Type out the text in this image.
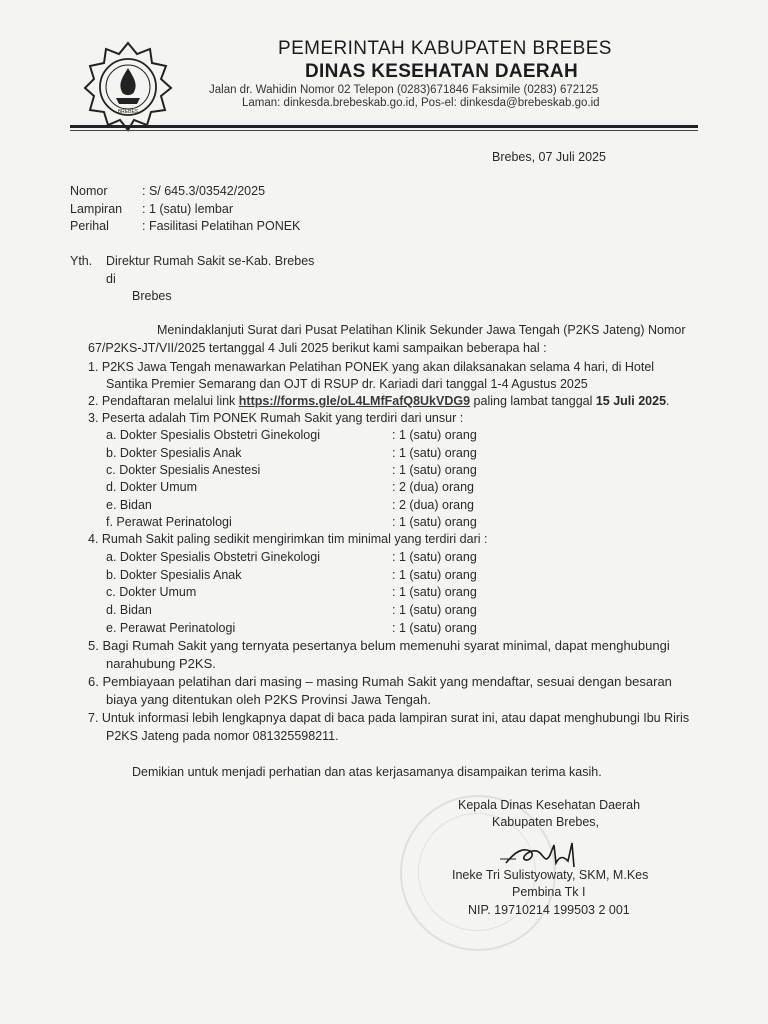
BREBES
PEMERINTAH KABUPATEN BREBES
DINAS KESEHATAN DAERAH
Jalan dr. Wahidin Nomor 02 Telepon (0283)671846 Faksimile (0283) 672125
Laman: dinkesda.brebeskab.go.id, Pos-el: dinkesda@brebeskab.go.id
Brebes, 07 Juli 2025
Nomor	: S/ 645.3/03542/2025
Lampiran : 1 (satu) lembar
Perihal	: Fasilitasi Pelatihan PONEK
Yth. Direktur Rumah Sakit se-Kab. Brebes
di
Brebes
Menindaklanjuti Surat dari Pusat Pelatihan Klinik Sekunder Jawa Tengah (P2KS Jateng) Nomor
67/P2KS-JT/VII/2025 tertanggal 4 Juli 2025 berikut kami sampaikan beberapa hal :
1. P2KS Jawa Tengah menawarkan Pelatihan PONEK yang akan dilaksanakan selama 4 hari, di Hotel
Santika Premier Semarang dan OJT di RSUP dr. Kariadi dari tanggal 1-4 Agustus 2025
2. Pendaftaran melalui link https://forms.gle/oL4LMfFafQ8UkVDG9 paling lambat tanggal 15 Juli 2025.
3. Peserta adalah Tim PONEK Rumah Sakit yang terdiri dari unsur :
a. Dokter Spesialis Obstetri Ginekologi	: 1 (satu) orang
b. Dokter Spesialis Anak	: 1 (satu) orang
c. Dokter Spesialis Anestesi	: 1 (satu) orang
d. Dokter Umum	: 2 (dua) orang
e. Bidan	: 2 (dua) orang
f. Perawat Perinatologi	: 1 (satu) orang
4. Rumah Sakit paling sedikit mengirimkan tim minimal yang terdiri dari :
a. Dokter Spesialis Obstetri Ginekologi	: 1 (satu) orang
b. Dokter Spesialis Anak	: 1 (satu) orang
c. Dokter Umum	: 1 (satu) orang
d. Bidan	: 1 (satu) orang
e. Perawat Perinatologi	: 1 (satu) orang
5. Bagi Rumah Sakit yang ternyata pesertanya belum memenuhi syarat minimal, dapat menghubungi
narahubung P2KS.
6. Pembiayaan pelatihan dari masing – masing Rumah Sakit yang mendaftar, sesuai dengan besaran
biaya yang ditentukan oleh P2KS Provinsi Jawa Tengah.
7. Untuk informasi lebih lengkapnya dapat di baca pada lampiran surat ini, atau dapat menghubungi Ibu Riris
P2KS Jateng pada nomor 081325598211.
Demikian untuk menjadi perhatian dan atas kerjasamanya disampaikan terima kasih.
Kepala Dinas Kesehatan Daerah
Kabupaten Brebes,
Ineke Tri Sulistyowaty, SKM, M.Kes
Pembina Tk I
NIP. 19710214 199503 2 001
